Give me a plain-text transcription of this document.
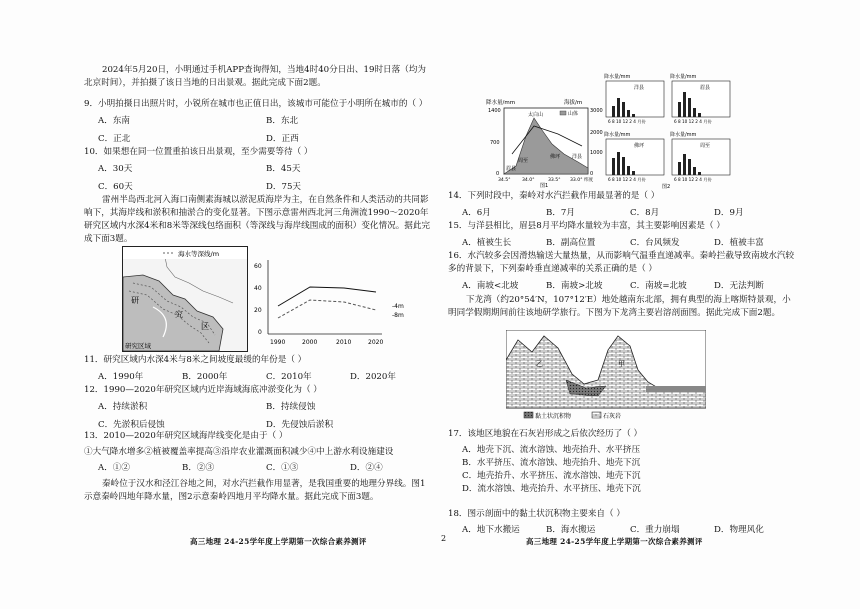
2024年5月20日，小明通过手机APP查询得知，当地4时40分日出、19时日落（均为北京时间），并拍摄了该日当地的日出景观。据此完成下面2题。

9．小明拍摄日出照片时，小锐所在城市也正值日出，该城市可能位于小明所在城市的（ ）

A．东南	B．东北
C．正北	D．正西

10．如果想在同一位置重拍该日出景观，至少需要等待（ ）

A．30天	B．45天
C．60天	D．75天

雷州半岛西北河入海口南侧素海城以淤泥质海岸为主，在自然条件和人类活动的共同影响下，其海岸线和淤积和抽淤合的变化显著。下图示意雷州西北河三角洲流1990～2020年研究区域内水深4米和8米等深线包络面积（等深线与海岸线围成的面积）变化情况。据此完成下面3题。

海水等深线/m
研
究
区
研究区域
60
40
20
0
1990	2000	2010	2020
-4m
-8m

11．研究区域内水深4米与8米之间坡度最缓的年份是（ ）

A．1990年	B．2000年	C．2010年	D．2020年

12．1990—2020年研究区域内近岸海域海底冲淤变化为（ ）

A．持续淤积	B．持续侵蚀
C．先淤积后侵蚀	D．先侵蚀后淤积

13．2010—2020年研究区域海岸线变化是由于（ ）

①大气降水增多②植被覆盖率提高③沿岸农业灌溉面积减少④中上游水利设施建设

A．①②	B．②③	C．①③	D．②④

秦岭位于汉水和泾江谷地之间，对水汽拦截作用显著，是我国重要的地理分界线。图1示意秦岭四地年降水量，图2示意秦岭四地月平均降水量。据此完成下面3题。

高三地理 24-25学年度上学期第一次综合素养测评	2
降水量/mm	海拔/m
1400
700
0
3000
2000
1000
0
山体
太白山
眉县
周至
佛坪 洋县
34.5° 34.0°	33.5° 33.0° 纬度
图1
降水量/mm
洋县
6 8 10 12 2 4 月份
降水量/mm
眉县
6 8 10 12 2 4 月份
降水量/mm
佛坪
6 8 10 12 2 4 月份
降水量/mm
周至
6 8 10 12 2 4 月份
图2

14．下列时段中，秦岭对水汽拦截作用最显著的是（ ）

A．6月	B．7月	C．8月	D．9月

15．与洋县相比，眉县8月平均降水量较为丰富，其主要影响因素是（ ）

A．植被生长	B．副高位置	C．台风频发	D．植被丰富

16．水汽较多会因滑热输送大量热量，从而影响气温垂直递减率。秦岭拦截导致南坡水汽较多的背景下，下列秦岭垂直递减率的关系正确的是（ ）

A．南坡<北坡	B．南坡>北坡	C．南坡=北坡	D．无法判断

下龙湾（约20°54′N，107°12′E）地处越南东北部，拥有典型的海上喀斯特景观，小明同学假期期间前往该地研学旅行。下图为下龙湾主要岩溶剖面图。据此完成下面2题。

乙	甲
黏土状沉积物	石灰岩

17．该地区地貌在石灰岩形成之后依次经历了（ ）

A．地壳下沉、流水溶蚀、地壳抬升、水平挤压

B．水平挤压、流水溶蚀、地壳抬升、地壳下沉

C．地壳抬升、水平挤压、流水溶蚀、地壳下沉

D．流水溶蚀、地壳抬升、水平挤压、地壳下沉

18．图示剖面中的黏土状沉积物主要来自（ ）

A．地下水搬运	B．海水搬运	C．重力崩塌	D．物理风化
高三地理 24-25学年度上学期第一次综合素养测评
